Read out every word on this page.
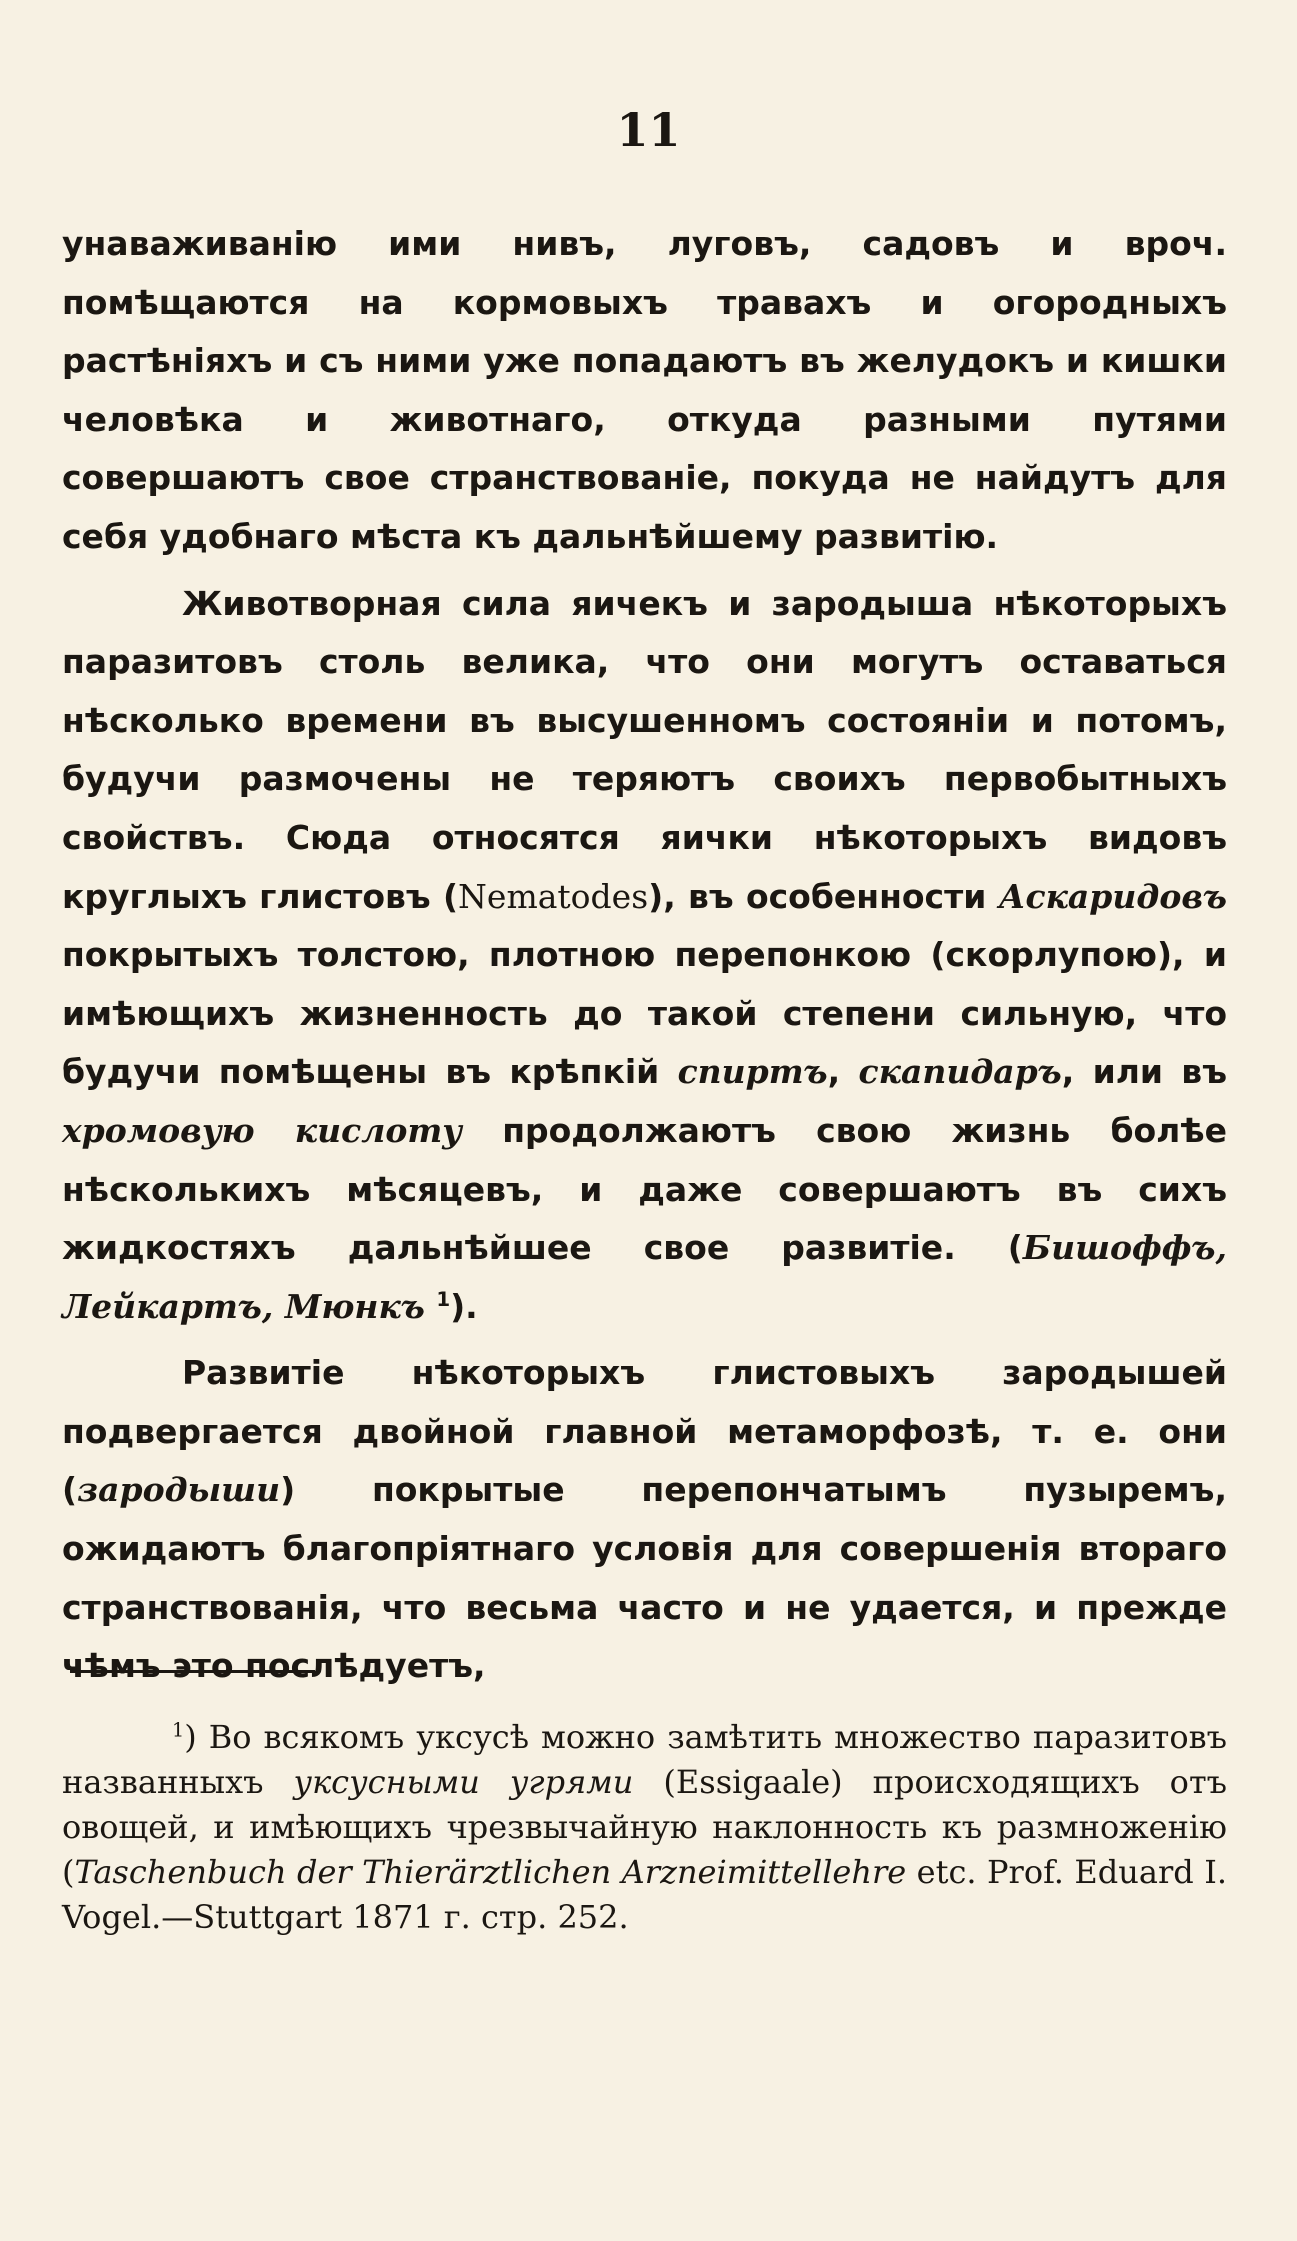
11

унаваживанію ими нивъ, луговъ, садовъ и вроч. помѣщаются на кормовыхъ травахъ и огородныхъ растѣніяхъ и съ ними уже попадаютъ въ желудокъ и кишки человѣка и животнаго, откуда разными путями совершаютъ свое странствованіе, покуда не найдутъ для себя удобнаго мѣста къ дальнѣйшему развитію.

Животворная сила яичекъ и зародыша нѣкоторыхъ паразитовъ столь велика, что они могутъ оставаться нѣсколько времени въ высушенномъ состояніи и потомъ, будучи размочены не теряютъ своихъ первобытныхъ свойствъ. Сюда относятся яички нѣкоторыхъ видовъ круглыхъ глистовъ (Nematodes), въ особенности Аскаридовъ покрытыхъ толстою, плотною перепонкою (скорлупою), и имѣющихъ жизненность до такой степени сильную, что будучи помѣщены въ крѣпкій спиртъ, скапидаръ, или въ хромовую кислоту продолжаютъ свою жизнь болѣе нѣсколькихъ мѣсяцевъ, и даже совершаютъ въ сихъ жидкостяхъ дальнѣйшее свое развитіе. (Бишоффъ, Лейкартъ, Мюнкъ $^1$).

Развитіе нѣкоторыхъ глистовыхъ зародышей подвергается двойной главной метаморфозѣ, т. е. они (зародыши) покрытые перепончатымъ пузыремъ, ожидаютъ благопріятнаго условія для совершенія втораго странствованія, что весьма часто и не удается, и прежде чѣмъ это послѣдуетъ,

$^1$) Во всякомъ уксусѣ можно замѣтить множество паразитовъ названныхъ уксусными угрями (Essigaale) происходящихъ отъ овощей, и имѣющихъ чрезвычайную наклонность къ размноженію (Taschenbuch der Thierärztlichen Arzneimittellehre etc. Prof. Eduard I. Vogel.—Stuttgart 1871 г. стр. 252.
